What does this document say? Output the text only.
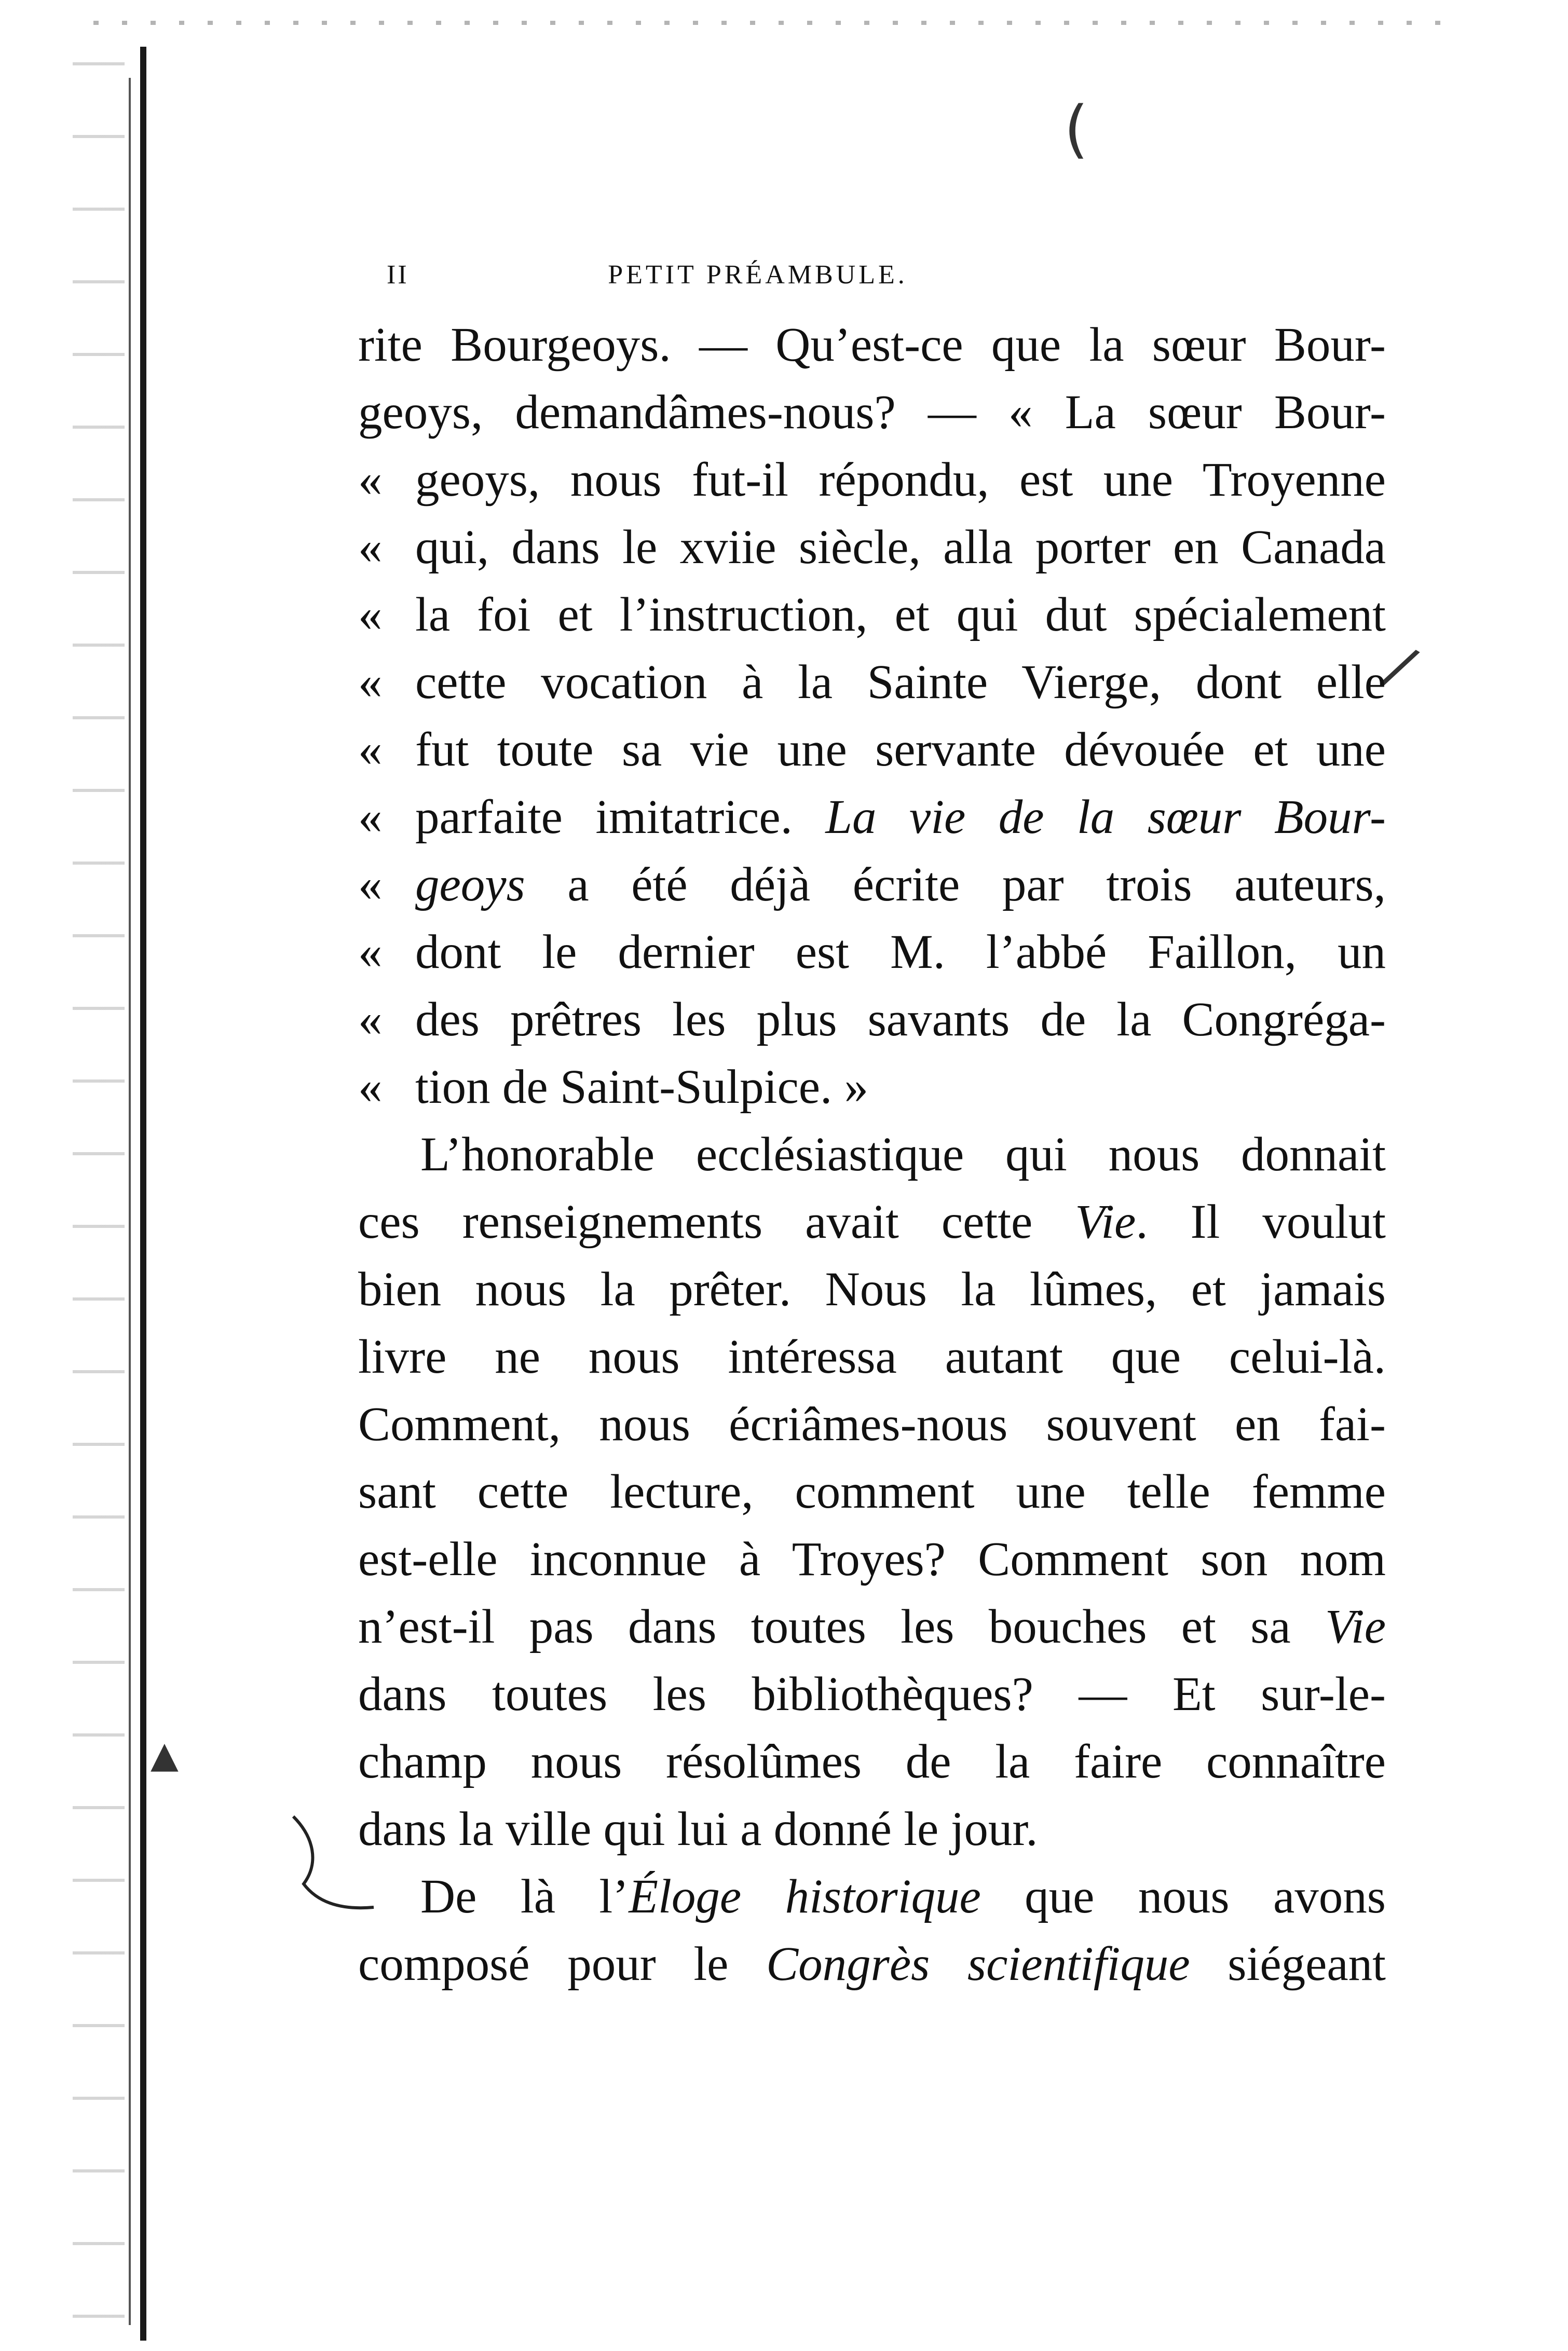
(
/
▲
II	PETIT PRÉAMBULE.
rite Bourgeoys. — Qu’est-ce que la sœur Bour-
geoys, demandâmes-nous? — « La sœur Bour-
« geoys, nous fut-il répondu, est une Troyenne
« qui, dans le xviie siècle, alla porter en Canada
« la foi et l’instruction, et qui dut spécialement
« cette vocation à la Sainte Vierge, dont elle
« fut toute sa vie une servante dévouée et une
« parfaite imitatrice. La vie de la sœur Bour-
« geoys a été déjà écrite par trois auteurs,
« dont le dernier est M. l’abbé Faillon, un
« des prêtres les plus savants de la Congréga-
« tion de Saint-Sulpice. »
L’honorable ecclésiastique qui nous donnait
ces renseignements avait cette Vie. Il voulut
bien nous la prêter. Nous la lûmes, et jamais
livre ne nous intéressa autant que celui-là.
Comment, nous écriâmes-nous souvent en fai-
sant cette lecture, comment une telle femme
est-elle inconnue à Troyes? Comment son nom
n’est-il pas dans toutes les bouches et sa Vie
dans toutes les bibliothèques? — Et sur-le-
champ nous résolûmes de la faire connaître
dans la ville qui lui a donné le jour.
De là l’Éloge historique que nous avons
composé pour le Congrès scientifique siégeant
